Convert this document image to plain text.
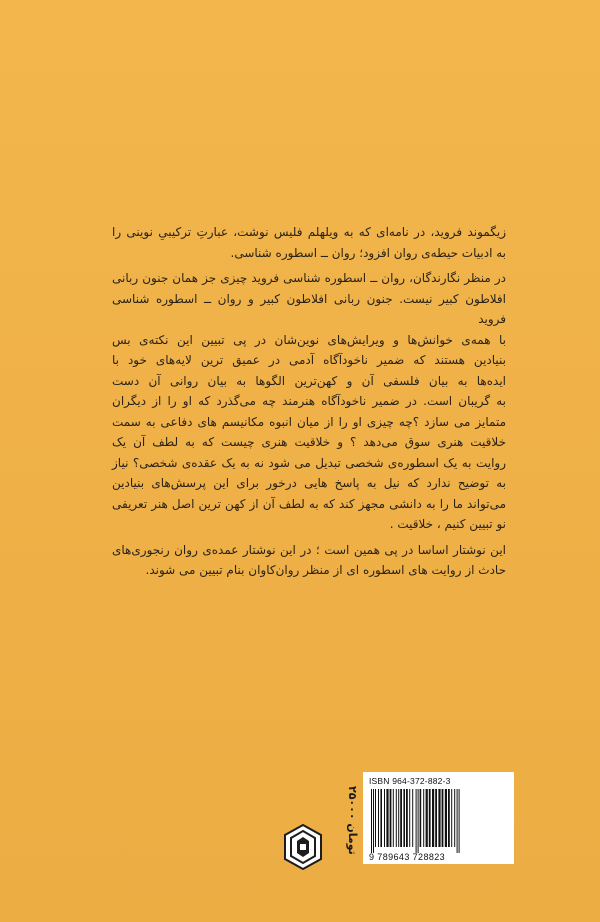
زیگموند فروید، در نامه‌ای که به ویلهلم فلیس نوشت، عبارتِ ترکیبیِ نوینی را
به ادبیات حیطه‌ی روان افزود؛ روان ــ اسطوره شناسی.

در منظر نگارندگان، روان ــ اسطوره شناسی فروید چیزی جز همان جنون ربانی
افلاطون کبیر نیست. جنون ربانی افلاطون کبیر و روان ــ اسطوره شناسی فروید
با همه‌ی خوانش‌ها و ویرایش‌های نوین‌شان در پی تبیین این نکته‌ی بس
بنیادین هستند که ضمیر ناخودآگاه آدمی در عمیق ترین لایه‌های خود با
ایده‌ها به بیان فلسفی آن و کهن‌ترین الگوها به بیان روانی آن دست
به گریبان است. در ضمیر ناخودآگاه هنرمند چه می‌گذرد که او را از دیگران
متمایز می سازد ؟چه چیزی او را از میان انبوه مکانیسم های دفاعی به سمت
خلاقیت هنری سوق می‌دهد ؟ و خلاقیت هنری چیست که به لطف آن یک
روایت به یک اسطوره‌ی شخصی تبدیل می شود نه به یک عقده‌ی شخصی؟ نیاز
به توضیح ندارد که نیل به پاسخ هایی درخور برای این پرسش‌های بنیادین
می‌تواند ما را به دانشی مجهز کند که به لطف آن از کهن ترین اصل هنر تعریفی
نو تبیین کنیم ، خلاقیت .

این نوشتار اساسا در پی همین است ؛ در این نوشتار عمده‌ی روان رنجوری‌های
حادث از روایت های اسطوره ای از منظر روان‌کاوان بنام تبیین می شوند.

۲۵۰۰۰ تومان
ISBN 964-372-882-3
9 789643 728823
